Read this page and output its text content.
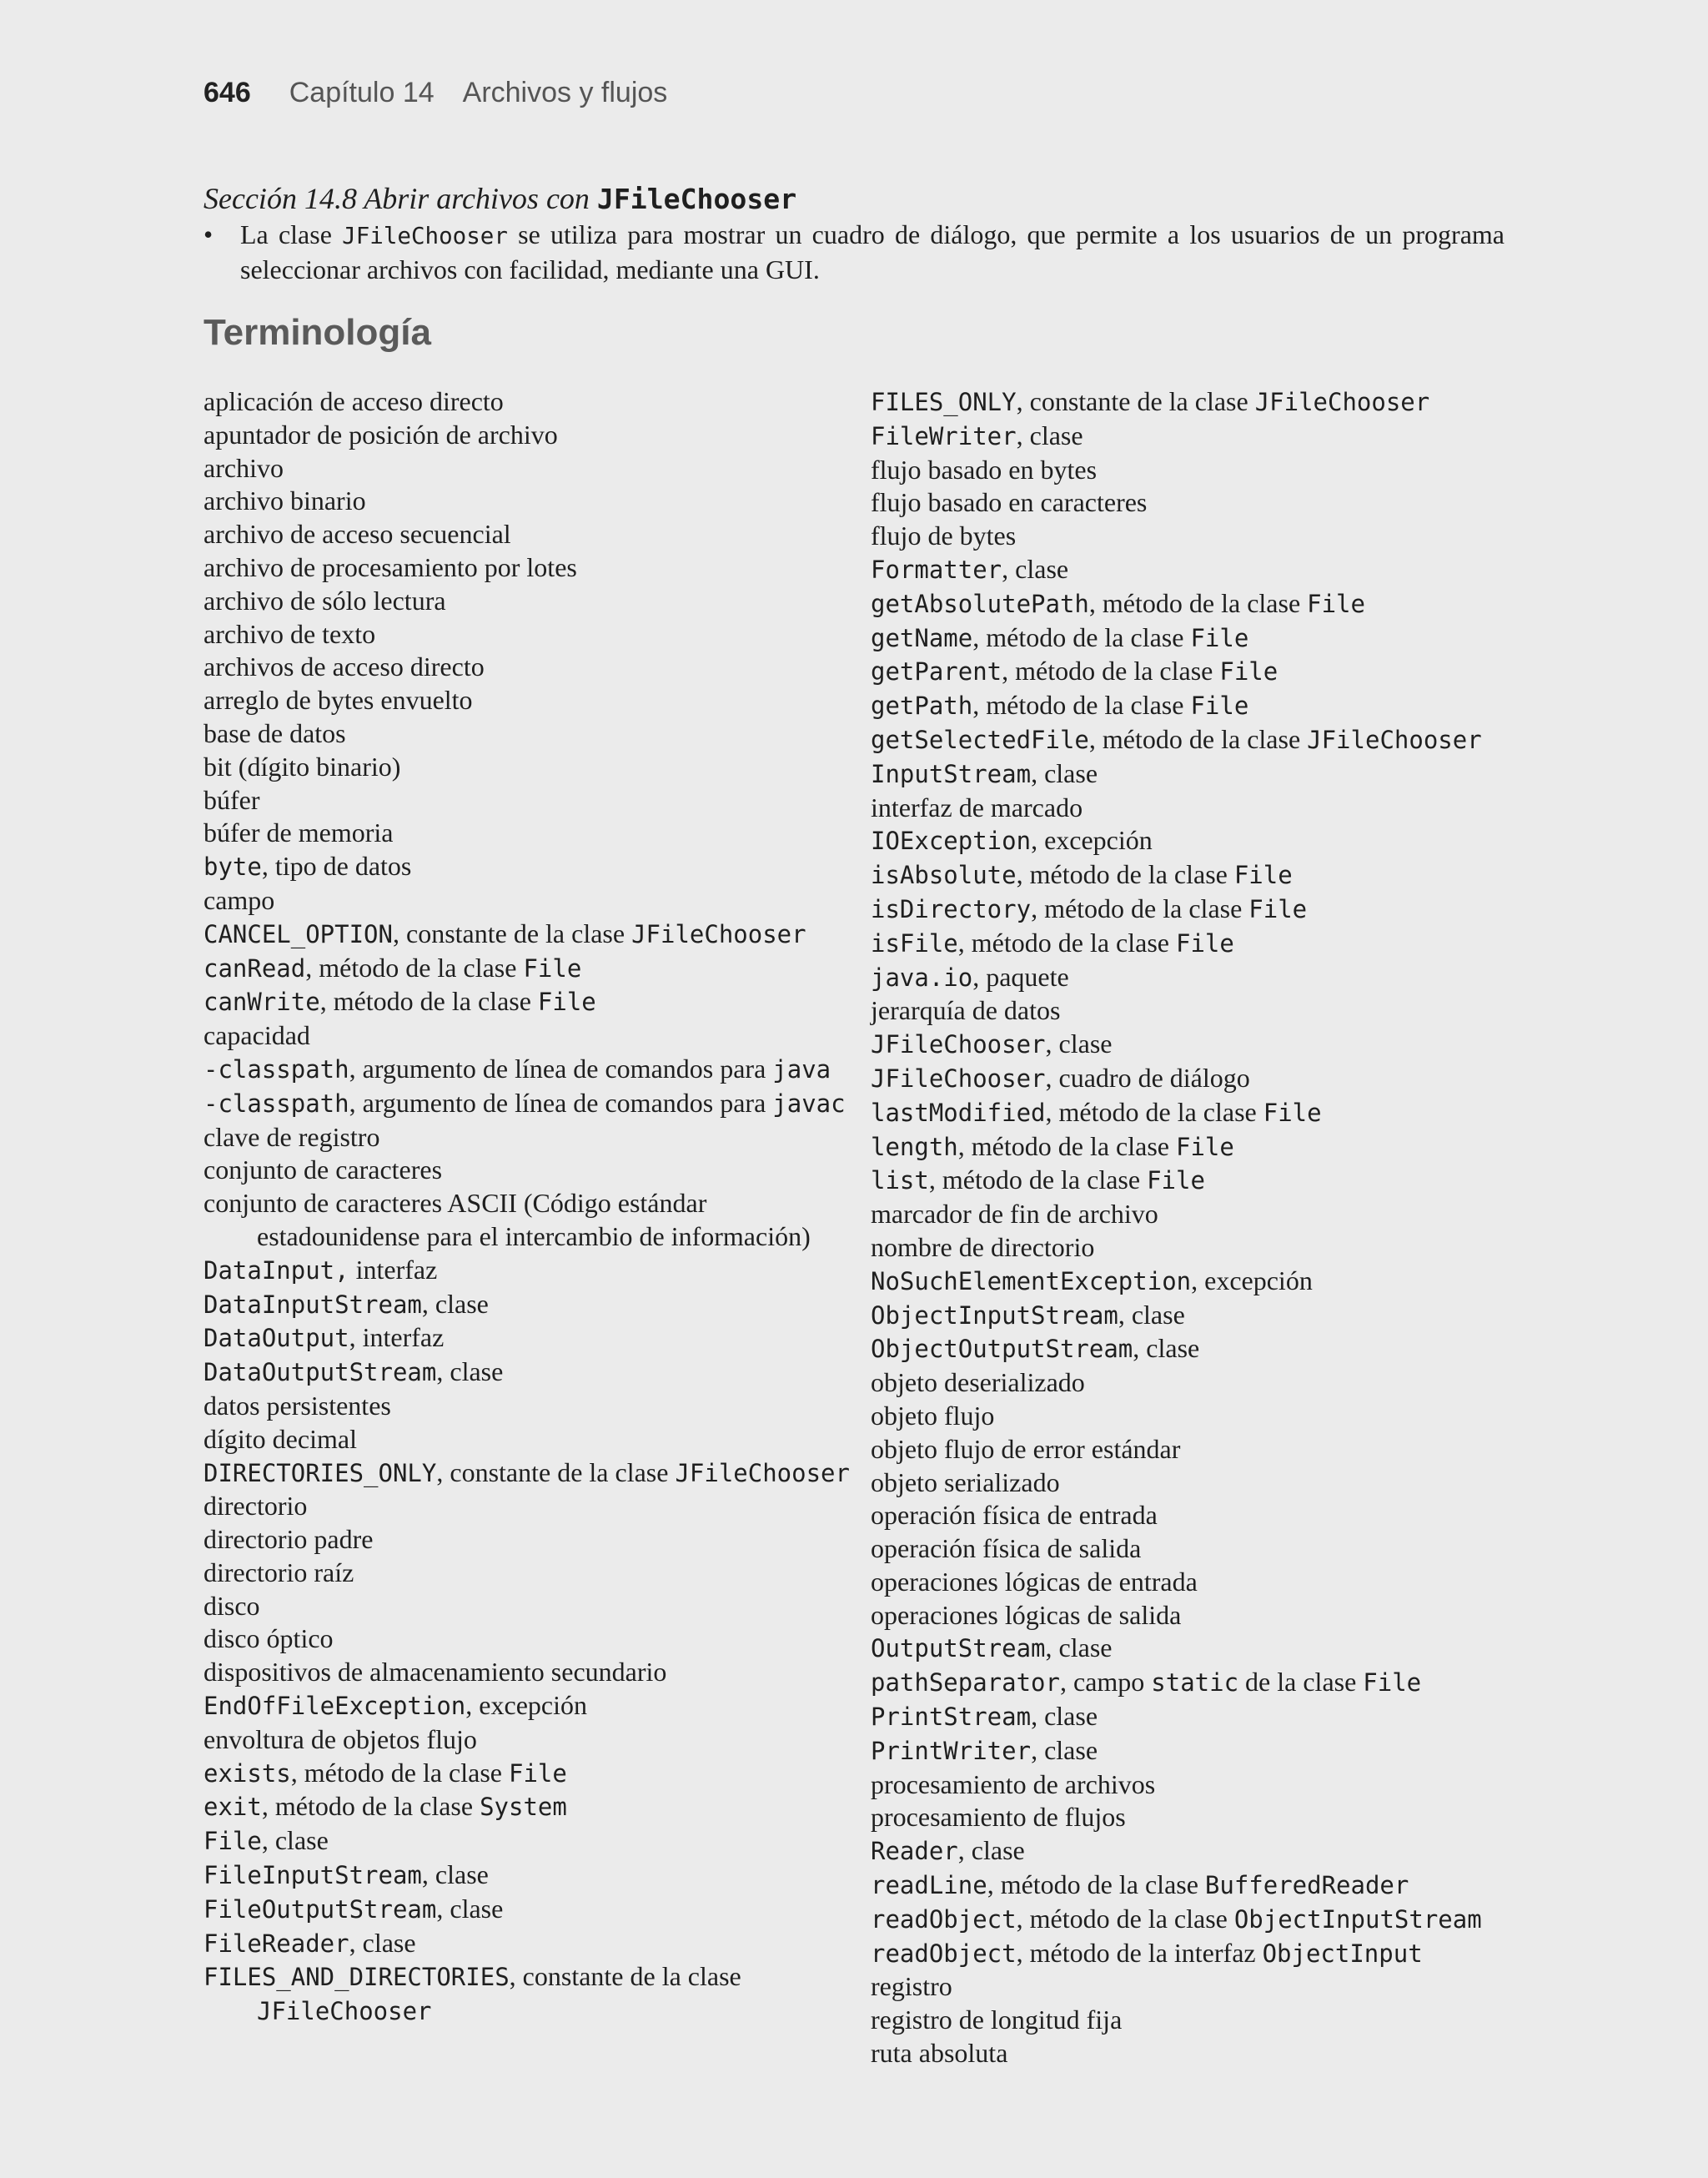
646 Capítulo 14 Archivos y flujos

Sección 14.8 Abrir archivos con JFileChooser

• La clase JFileChooser se utiliza para mostrar un cuadro de diálogo, que permite a los usuarios de un programa seleccionar archivos con facilidad, mediante una GUI.

Terminología
aplicación de acceso directo
apuntador de posición de archivo
archivo
archivo binario
archivo de acceso secuencial
archivo de procesamiento por lotes
archivo de sólo lectura
archivo de texto
archivos de acceso directo
arreglo de bytes envuelto
base de datos
bit (dígito binario)
búfer
búfer de memoria
byte, tipo de datos
campo
CANCEL_OPTION, constante de la clase JFileChooser
canRead, método de la clase File
canWrite, método de la clase File
capacidad
-classpath, argumento de línea de comandos para java
-classpath, argumento de línea de comandos para javac
clave de registro
conjunto de caracteres
conjunto de caracteres ASCII (Código estándar estadounidense para el intercambio de información)
DataInput, interfaz
DataInputStream, clase
DataOutput, interfaz
DataOutputStream, clase
datos persistentes
dígito decimal
DIRECTORIES_ONLY, constante de la clase JFileChooser
directorio
directorio padre
directorio raíz
disco
disco óptico
dispositivos de almacenamiento secundario
EndOfFileException, excepción
envoltura de objetos flujo
exists, método de la clase File
exit, método de la clase System
File, clase
FileInputStream, clase
FileOutputStream, clase
FileReader, clase
FILES_AND_DIRECTORIES, constante de la clase JFileChooser
FILES_ONLY, constante de la clase JFileChooser
FileWriter, clase
flujo basado en bytes
flujo basado en caracteres
flujo de bytes
Formatter, clase
getAbsolutePath, método de la clase File
getName, método de la clase File
getParent, método de la clase File
getPath, método de la clase File
getSelectedFile, método de la clase JFileChooser
InputStream, clase
interfaz de marcado
IOException, excepción
isAbsolute, método de la clase File
isDirectory, método de la clase File
isFile, método de la clase File
java.io, paquete
jerarquía de datos
JFileChooser, clase
JFileChooser, cuadro de diálogo
lastModified, método de la clase File
length, método de la clase File
list, método de la clase File
marcador de fin de archivo
nombre de directorio
NoSuchElementException, excepción
ObjectInputStream, clase
ObjectOutputStream, clase
objeto deserializado
objeto flujo
objeto flujo de error estándar
objeto serializado
operación física de entrada
operación física de salida
operaciones lógicas de entrada
operaciones lógicas de salida
OutputStream, clase
pathSeparator, campo static de la clase File
PrintStream, clase
PrintWriter, clase
procesamiento de archivos
procesamiento de flujos
Reader, clase
readLine, método de la clase BufferedReader
readObject, método de la clase ObjectInputStream
readObject, método de la interfaz ObjectInput
registro
registro de longitud fija
ruta absoluta
